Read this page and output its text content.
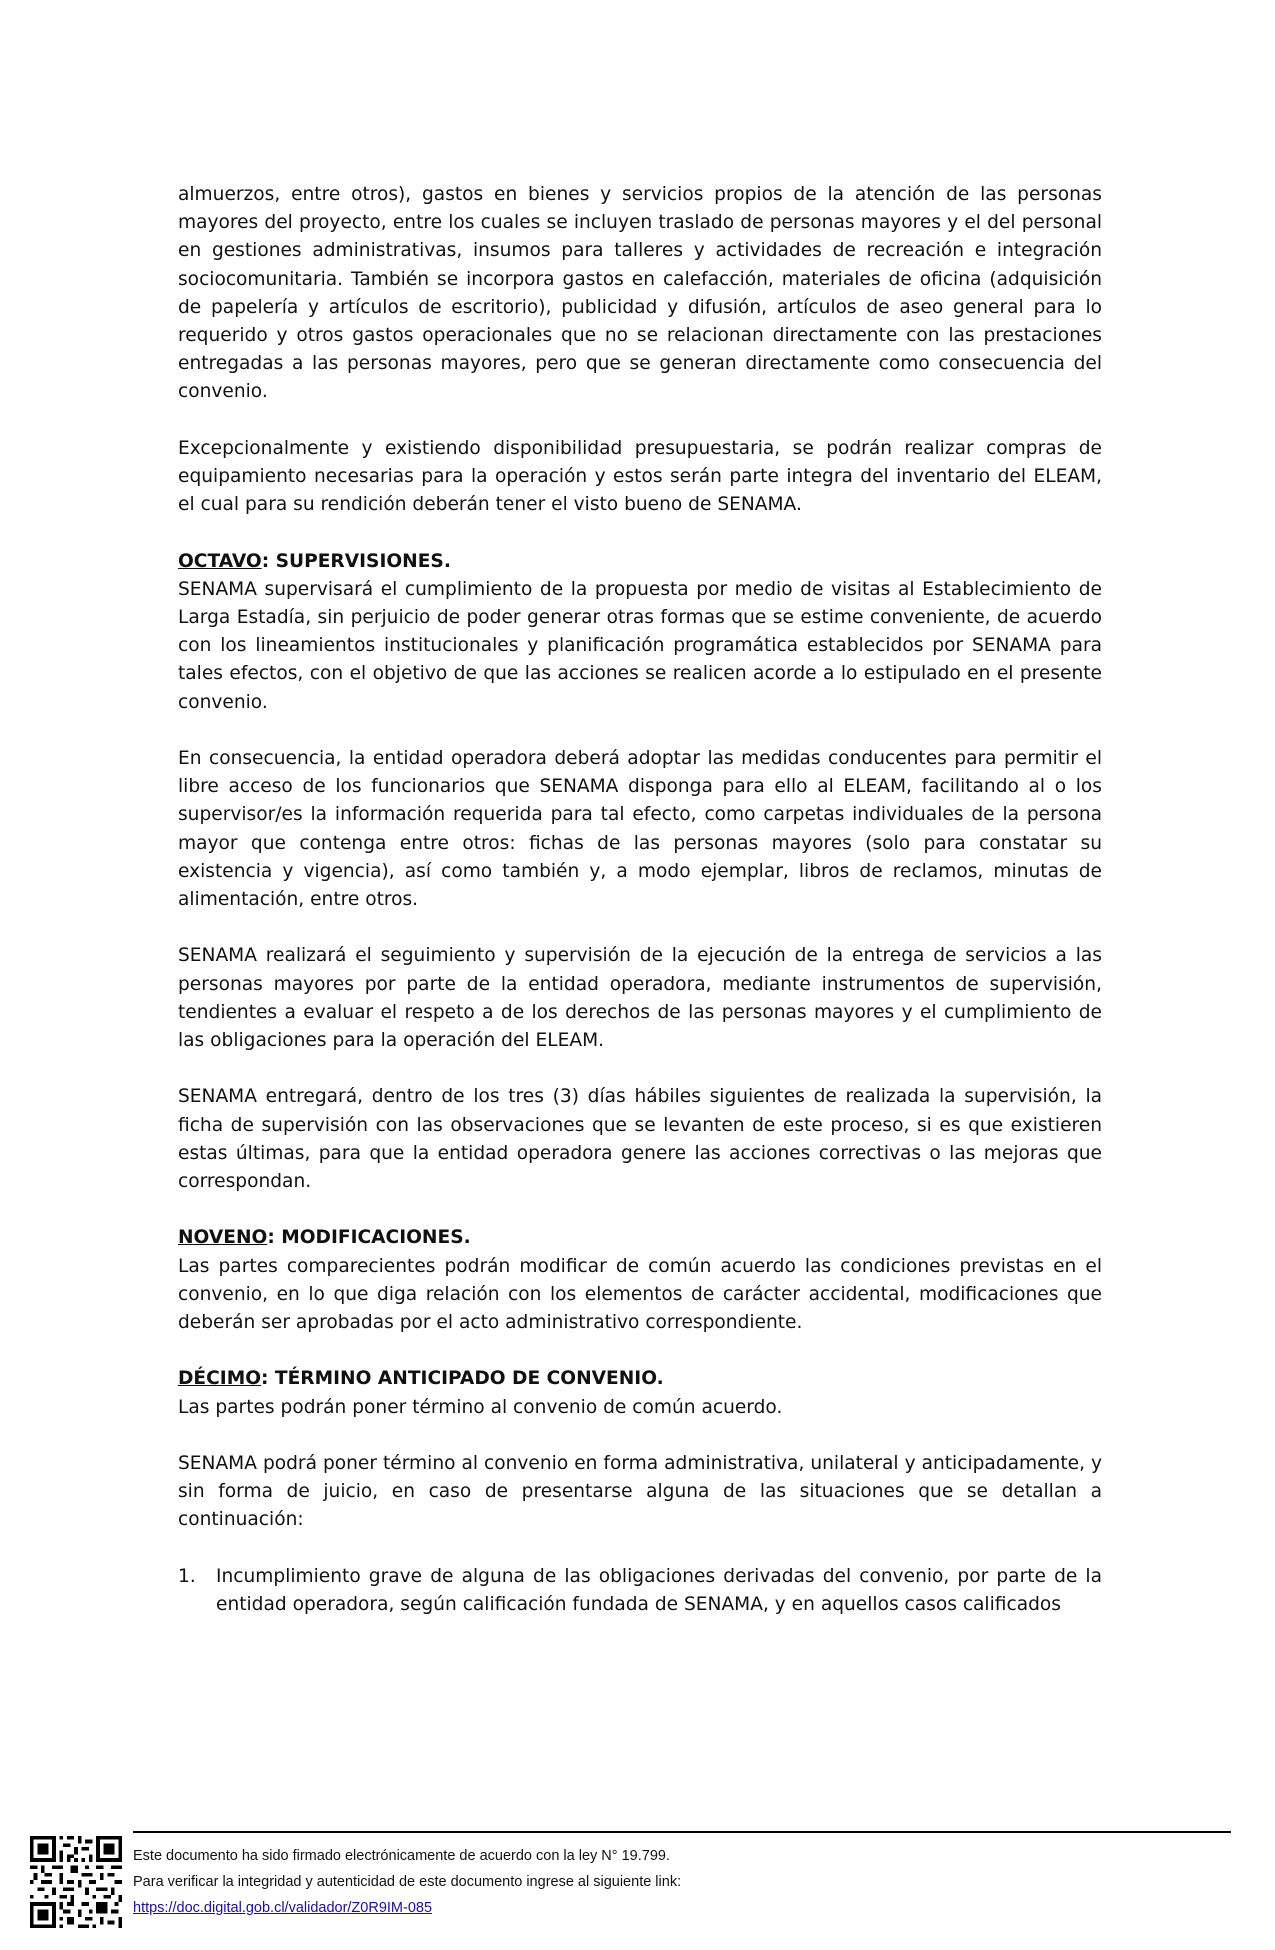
almuerzos, entre otros), gastos en bienes y servicios propios de la atención de las personas mayores del proyecto, entre los cuales se incluyen traslado de personas mayores y el del personal en gestiones administrativas, insumos para talleres y actividades de recreación e integración sociocomunitaria. También se incorpora gastos en calefacción, materiales de oficina (adquisición de papelería y artículos de escritorio), publicidad y difusión, artículos de aseo general para lo requerido y otros gastos operacionales que no se relacionan directamente con las prestaciones entregadas a las personas mayores, pero que se generan directamente como consecuencia del convenio.

Excepcionalmente y existiendo disponibilidad presupuestaria, se podrán realizar compras de equipamiento necesarias para la operación y estos serán parte integra del inventario del ELEAM, el cual para su rendición deberán tener el visto bueno de SENAMA.

OCTAVO: SUPERVISIONES.

SENAMA supervisará el cumplimiento de la propuesta por medio de visitas al Establecimiento de Larga Estadía, sin perjuicio de poder generar otras formas que se estime conveniente, de acuerdo con los lineamientos institucionales y planificación programática establecidos por SENAMA para tales efectos, con el objetivo de que las acciones se realicen acorde a lo estipulado en el presente convenio.

En consecuencia, la entidad operadora deberá adoptar las medidas conducentes para permitir el libre acceso de los funcionarios que SENAMA disponga para ello al ELEAM, facilitando al o los supervisor/es la información requerida para tal efecto, como carpetas individuales de la persona mayor que contenga entre otros: fichas de las personas mayores (solo para constatar su existencia y vigencia), así como también y, a modo ejemplar, libros de reclamos, minutas de alimentación, entre otros.

SENAMA realizará el seguimiento y supervisión de la ejecución de la entrega de servicios a las personas mayores por parte de la entidad operadora, mediante instrumentos de supervisión, tendientes a evaluar el respeto a de los derechos de las personas mayores y el cumplimiento de las obligaciones para la operación del ELEAM.

SENAMA entregará, dentro de los tres (3) días hábiles siguientes de realizada la supervisión, la ficha de supervisión con las observaciones que se levanten de este proceso, si es que existieren estas últimas, para que la entidad operadora genere las acciones correctivas o las mejoras que correspondan.

NOVENO: MODIFICACIONES.

Las partes comparecientes podrán modificar de común acuerdo las condiciones previstas en el convenio, en lo que diga relación con los elementos de carácter accidental, modificaciones que deberán ser aprobadas por el acto administrativo correspondiente.

DÉCIMO: TÉRMINO ANTICIPADO DE CONVENIO.

Las partes podrán poner término al convenio de común acuerdo.

SENAMA podrá poner término al convenio en forma administrativa, unilateral y anticipadamente, y sin forma de juicio, en caso de presentarse alguna de las situaciones que se detallan a continuación:

1.	Incumplimiento grave de alguna de las obligaciones derivadas del convenio, por parte de la entidad operadora, según calificación fundada de SENAMA, y en aquellos casos calificados
Este documento ha sido firmado electrónicamente de acuerdo con la ley N° 19.799.
Para verificar la integridad y autenticidad de este documento ingrese al siguiente link:
https://doc.digital.gob.cl/validador/Z0R9IM-085
